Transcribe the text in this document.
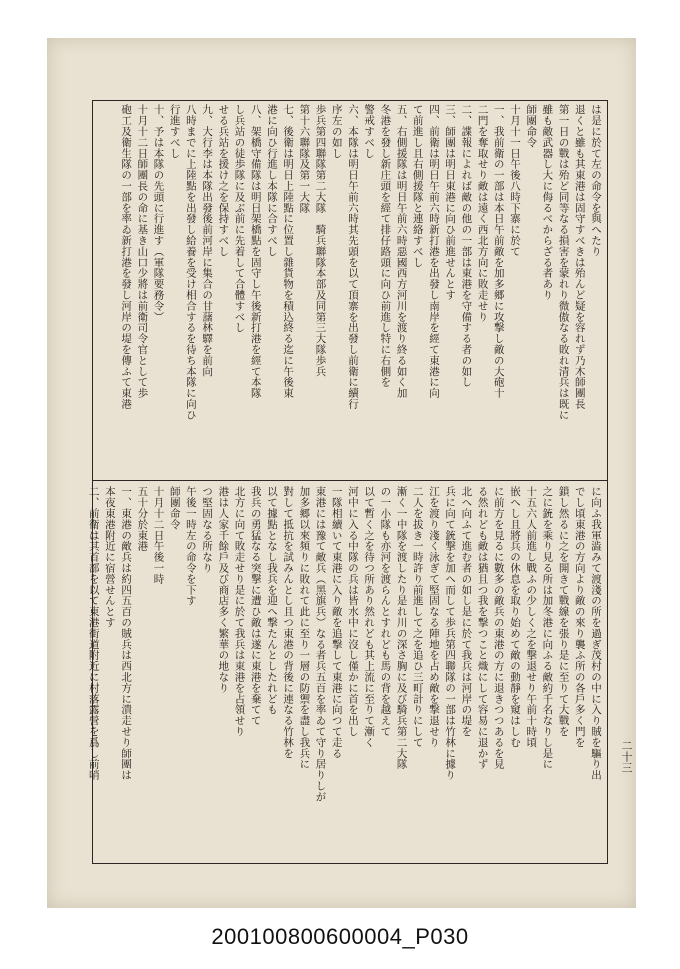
は是に於て左の命令を與へたり
退くと雖も其東港は固守すべきは殆んど疑を容れず乃木師團長
第一日の戰は殆ど同等なる損害を蒙れり微傲なる敗れ清兵は既に
雖も敵武器し大に侮るべからざる者あり
師團命令
十月十一日午後八時下寨に於て
一、我前衛の一部は本日午前敵を加多郷に攻撃し敵の大砲十
二門を奪取せり敵は遠く西北方向に敗走せり
二、諜報によれば敵の他の一部は東港を守備する者の如し
三、師團は明日東港に向ひ前進せんとす
四、前衛は明日午前六時新打港を出發し南岸を經て東港に向
て前進し且右側援隊と連絡すべし
五、右側援隊は明日午前六時惡國西方河川を渡り終る如く加
冬港を發し新庄頭を經て排仔路頭に向ひ前進し特に右側を
警戒すべし
六、本隊は明日午前六時其先頭を以て頂寨を出發し前衛に續行
序左の如し
歩兵第四聯隊第二大隊　騎兵聯隊本部及同第三大隊歩兵
第十六聯隊及第一大隊
七、後衛は明日上陸點に位置し雜貨物を積込終る迄に午後東
港に向ひ行進し本隊に合すべし
八、架橋守備隊は明日架橋點を固守し午後新打港を經て本隊
し兵站の徒歩隊に及ぶ前に先着して合體すべし
せる兵站を援け之を保持すべし
九、大行李は本隊出發後前河岸に集合の甘藷林驛を前向
八時までに上陸點を出發し給養を受け相合するを待ち本隊に向ひ
行進すべし
十、予は本隊の先頭に行進す（軍隊要務令）
十月十二日師團長の命に基き山口少將は前衛司令官として歩
砲工及衛生隊の一部を率ゐ新打港を發し河岸の堤を傳ふて東港
に向ふ我軍澁みて渡淺の所を過ぎ茂村の中に入り賊を驅り出
でし頃東港の方向より敵の來り襲ふ所の各戶多く門を
鎖し然るに之を開きて戰線を張り是に至りて大戰を
之に銃を乘り見る所は加冬港に向ふる敵約千名なりし是に
十五六人前進し戰ふの少しく之を撃退せり午前十時頃
嵌へし且將兵の休息を取り始めて敵の動靜を窺はしむ
に前方を見るに數多の敵兵の東港の方に退きつつあるを見
る然れども敵は猶且つ我を撃つこと熾にして容易に退かず
北へ向ふて進む者の如し是に於て我兵は河岸の堤を
兵に向て銃撃を加へ而して歩兵第四聯隊の一部は竹林に據り
江を渡り淺く泳ぎて堅固なる陣地を占め敵を撃退せり
二人を拔き一時許り前進して之を追ひ三町計りにして
漸く一中隊を渡したり是れ川の深さ胸に及び騎兵第二大隊
の一小隊も亦河を渡らんとすれども馬の背を越えて
以て暫く之を待つ所あり然れども其上流に至りて漸く
河中に入る中隊の兵は皆水中に沒し僅かに首を出し
一隊相續いて東港に入り敵を追撃して東港に向つて走る
東港には豫て敵兵（黑旗兵）なる者兵五百を率ゐて守り居りしが
加多郷以來頻りに敗れて此に至り一層の防禦を盡し我兵に
對して抵抗を試みんとし且つ東港の背後に連なる竹林を
以て據點となし我兵を迎へ撃たんとしたれども
我兵の勇猛なる突撃に遭ひ敵は遂に東港を棄てて
北方に向て敗走せり是に於て我兵は東港を占領せり
港は人家千餘戶及び商店多く繁華の地なり
つ堅固なる所なり
午後一時左の命令を下す
師團命令
十月十二日午後一時
五十分於東港
一、東港の敵兵は約四五百の賊兵は西北方に潰走せり師團は
本夜東港附近に宿營せんとす
二、前衛は其首部を以て東港街道附近に村落露營を爲し前哨	二十三
200100800600004_P030
